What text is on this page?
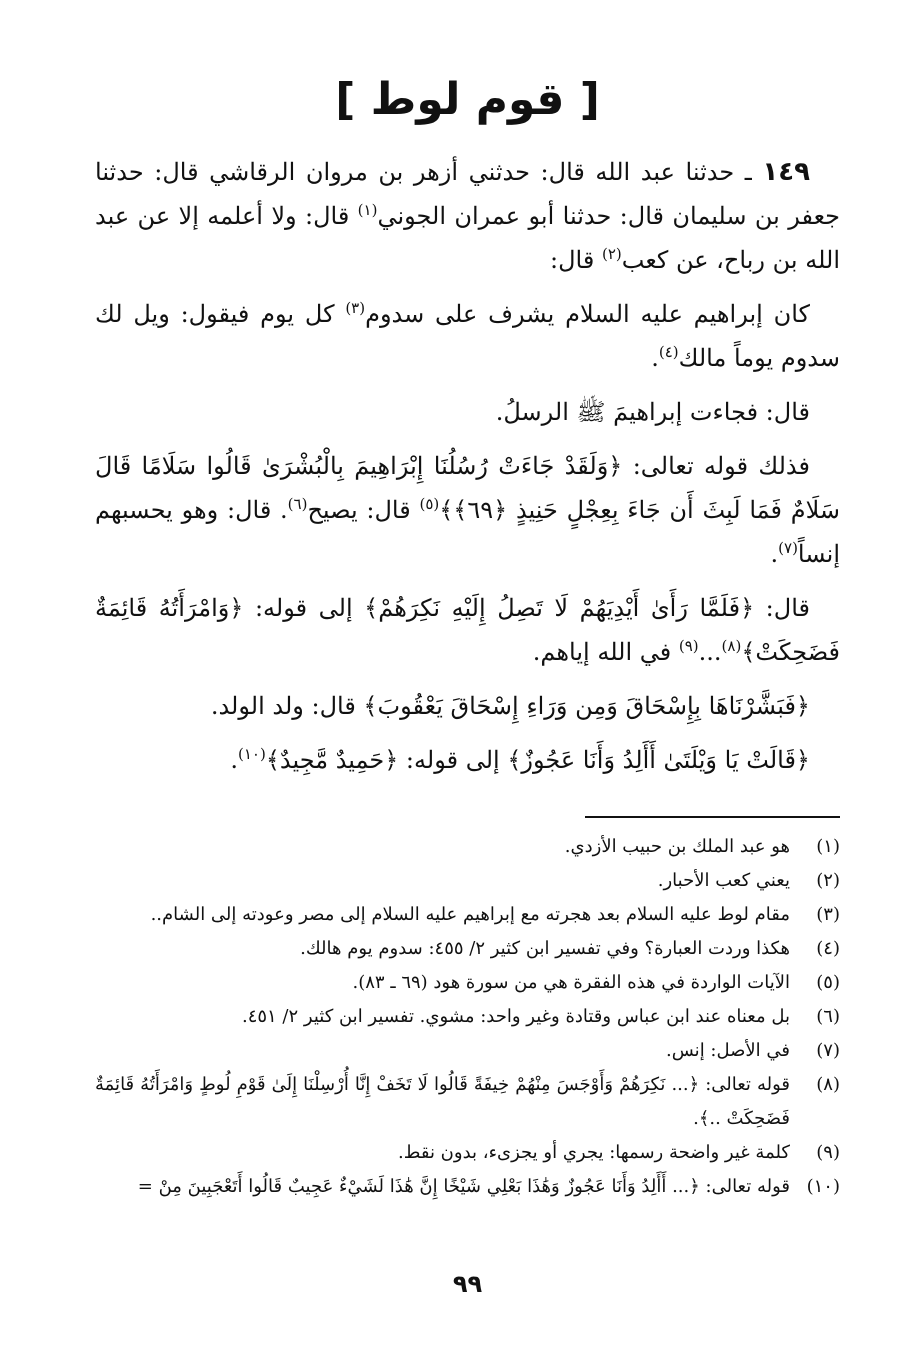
[ قوم لوط ]

١٤٩ ـ حدثنا عبد الله قال: حدثني أزهر بن مروان الرقاشي قال: حدثنا جعفر بن سليمان قال: حدثنا أبو عمران الجوني$^{(١)}$ قال: ولا أعلمه إلا عن عبد الله بن رباح، عن كعب$^{(٢)}$ قال:

كان إبراهيم عليه السلام يشرف على سدوم$^{(٣)}$ كل يوم فيقول: ويل لك سدوم يوماً مالك$^{(٤)}$.

قال: فجاءت إبراهيمَ ﷺ الرسلُ.

فذلك قوله تعالى: ﴿وَلَقَدْ جَاءَتْ رُسُلُنَا إِبْرَاهِيمَ بِالْبُشْرَىٰ قَالُوا سَلَامًا قَالَ سَلَامٌ فَمَا لَبِثَ أَن جَاءَ بِعِجْلٍ حَنِيذٍ ﴿٦٩﴾﴾$^{(٥)}$ قال: يصيح$^{(٦)}$. قال: وهو يحسبهم إنساً$^{(٧)}$.

قال: ﴿فَلَمَّا رَأَىٰ أَيْدِيَهُمْ لَا تَصِلُ إِلَيْهِ نَكِرَهُمْ﴾ إلى قوله: ﴿وَامْرَأَتُهُ قَائِمَةٌ فَضَحِكَتْ﴾$^{(٨)}$...$^{(٩)}$ في الله إياهم.

﴿فَبَشَّرْنَاهَا بِإِسْحَاقَ وَمِن وَرَاءِ إِسْحَاقَ يَعْقُوبَ﴾ قال: ولد الولد.

﴿قَالَتْ يَا وَيْلَتَىٰ أَأَلِدُ وَأَنَا عَجُوزٌ﴾ إلى قوله: ﴿حَمِيدٌ مَّجِيدٌ﴾$^{(١٠)}$.

(١)
هو عبد الملك بن حبيب الأزدي.
(٢)
يعني كعب الأحبار.
(٣)
مقام لوط عليه السلام بعد هجرته مع إبراهيم عليه السلام إلى مصر وعودته إلى الشام..
(٤)
هكذا وردت العبارة؟ وفي تفسير ابن كثير ٢/ ٤٥٥: سدوم يوم هالك.
(٥)
الآيات الواردة في هذه الفقرة هي من سورة هود (٦٩ ـ ٨٣).
(٦)
بل معناه عند ابن عباس وقتادة وغير واحد: مشوي. تفسير ابن كثير ٢/ ٤٥١.
(٧)
في الأصل: إنس.
(٨)
قوله تعالى: ﴿... نَكِرَهُمْ وَأَوْجَسَ مِنْهُمْ خِيفَةً قَالُوا لَا تَخَفْ إِنَّا أُرْسِلْنَا إِلَىٰ قَوْمِ لُوطٍ وَامْرَأَتُهُ قَائِمَةٌ فَضَحِكَتْ ..﴾.
(٩)
كلمة غير واضحة رسمها: يجري أو يجزىء، بدون نقط.
(١٠)
قوله تعالى: ﴿... أَأَلِدُ وَأَنَا عَجُوزٌ وَهَٰذَا بَعْلِي شَيْخًا إِنَّ هَٰذَا لَشَيْءٌ عَجِيبٌ قَالُوا أَتَعْجَبِينَ مِنْ =
٩٩
